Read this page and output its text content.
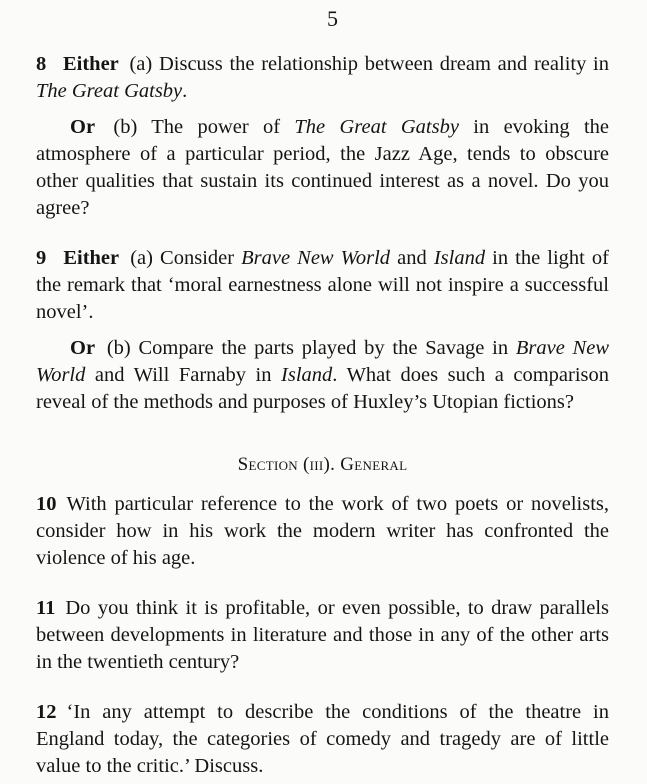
5

8 Either (a) Discuss the relationship between dream and reality in The Great Gatsby.

Or (b) The power of The Great Gatsby in evoking the atmosphere of a particular period, the Jazz Age, tends to obscure other qualities that sustain its continued interest as a novel. Do you agree?

9 Either (a) Consider Brave New World and Island in the light of the remark that ‘moral earnestness alone will not inspire a successful novel’.

Or (b) Compare the parts played by the Savage in Brave New World and Will Farnaby in Island. What does such a comparison reveal of the methods and purposes of Huxley’s Utopian fictions?

Section (iii). General

10 With particular reference to the work of two poets or novelists, consider how in his work the modern writer has confronted the violence of his age.

11 Do you think it is profitable, or even possible, to draw parallels between developments in literature and those in any of the other arts in the twentieth century?

12 ‘In any attempt to describe the conditions of the theatre in England today, the categories of comedy and tragedy are of little value to the critic.’ Discuss.
